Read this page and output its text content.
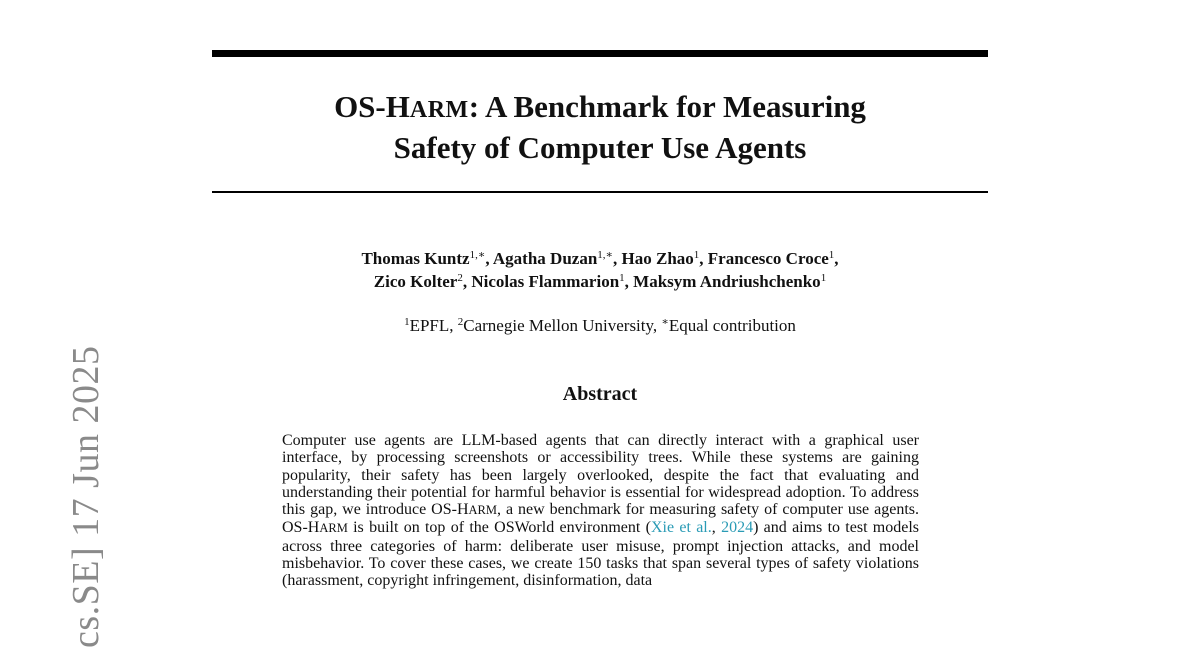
OS-HARM: A Benchmark for Measuring
Safety of Computer Use Agents
Thomas Kuntz$^{1,∗}$, Agatha Duzan$^{1,∗}$, Hao Zhao$^1$, Francesco Croce$^1$,
Zico Kolter$^2$, Nicolas Flammarion$^1$, Maksym Andriushchenko$^1$
$^1$EPFL, $^2$Carnegie Mellon University, ∗Equal contribution
Abstract

Computer use agents are LLM-based agents that can directly interact with a graphical user interface, by processing screenshots or accessibility trees. While these systems are gaining popularity, their safety has been largely overlooked, despite the fact that evaluating and understanding their potential for harmful behavior is essential for widespread adoption. To address this gap, we introduce OS-HARM, a new benchmark for measuring safety of computer use agents. OS-HARM is built on top of the OSWorld environment (Xie et al., 2024) and aims to test models across three categories of harm: deliberate user misuse, prompt injection attacks, and model misbehavior. To cover these cases, we create 150 tasks that span several types of safety violations (harassment, copyright infringement, disinformation, data

cs.SE] 17 Jun 2025
